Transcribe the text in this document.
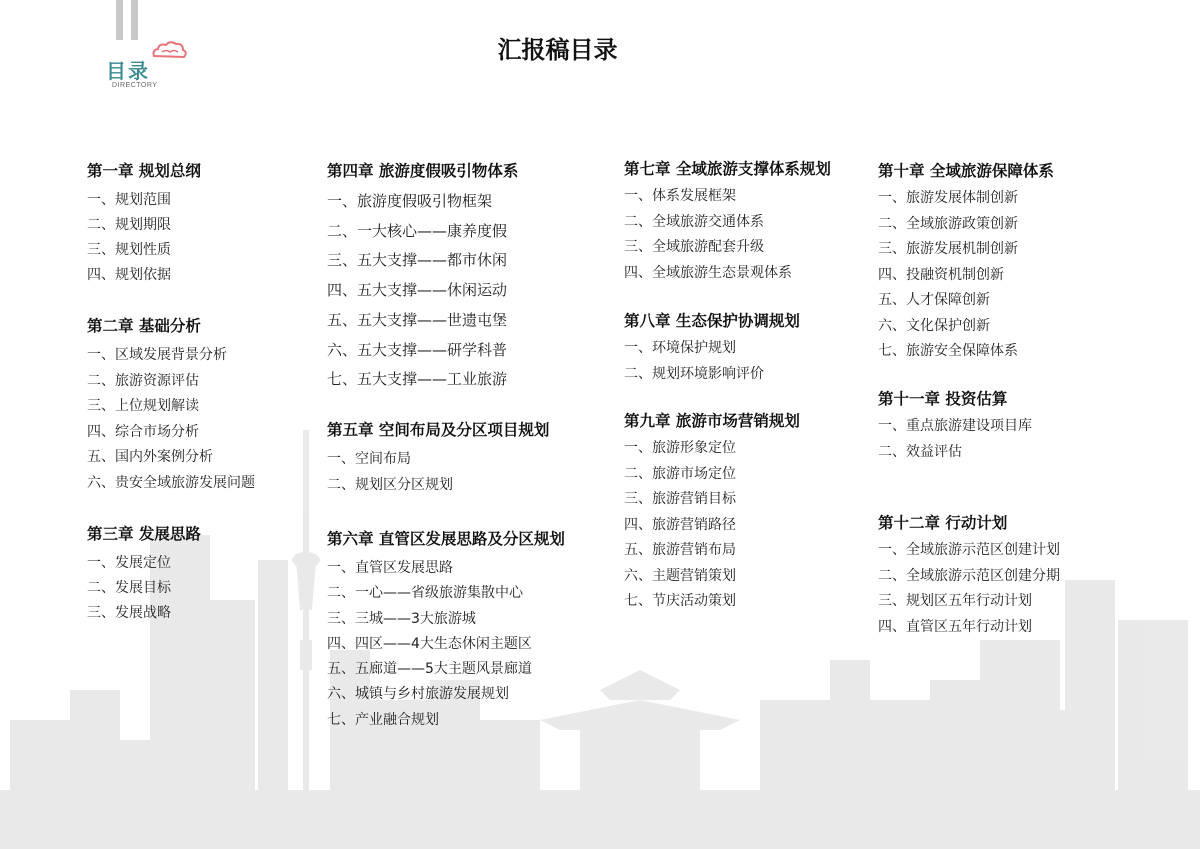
目录
DIRECTORY
汇报稿目录
第一章 规划总纲
一、规划范围
二、规划期限
三、规划性质
四、规划依据
第二章 基础分析
一、区域发展背景分析
二、旅游资源评估
三、上位规划解读
四、综合市场分析
五、国内外案例分析
六、贵安全域旅游发展问题
第三章 发展思路
一、发展定位
二、发展目标
三、发展战略
第四章 旅游度假吸引物体系
一、旅游度假吸引物框架
二、一大核心——康养度假
三、五大支撑——都市休闲
四、五大支撑——休闲运动
五、五大支撑——世遗屯堡
六、五大支撑——研学科普
七、五大支撑——工业旅游
第五章 空间布局及分区项目规划
一、空间布局
二、规划区分区规划
第六章 直管区发展思路及分区规划
一、直管区发展思路
二、一心——省级旅游集散中心
三、三城——3大旅游城
四、四区——4大生态休闲主题区
五、五廊道——5大主题风景廊道
六、城镇与乡村旅游发展规划
七、产业融合规划
第七章 全域旅游支撑体系规划
一、体系发展框架
二、全域旅游交通体系
三、全域旅游配套升级
四、全域旅游生态景观体系
第八章 生态保护协调规划
一、环境保护规划
二、规划环境影响评价
第九章 旅游市场营销规划
一、旅游形象定位
二、旅游市场定位
三、旅游营销目标
四、旅游营销路径
五、旅游营销布局
六、主题营销策划
七、节庆活动策划
第十章 全域旅游保障体系
一、旅游发展体制创新
二、全域旅游政策创新
三、旅游发展机制创新
四、投融资机制创新
五、人才保障创新
六、文化保护创新
七、旅游安全保障体系
第十一章 投资估算
一、重点旅游建设项目库
二、效益评估
第十二章 行动计划
一、全域旅游示范区创建计划
二、全域旅游示范区创建分期
三、规划区五年行动计划
四、直管区五年行动计划
